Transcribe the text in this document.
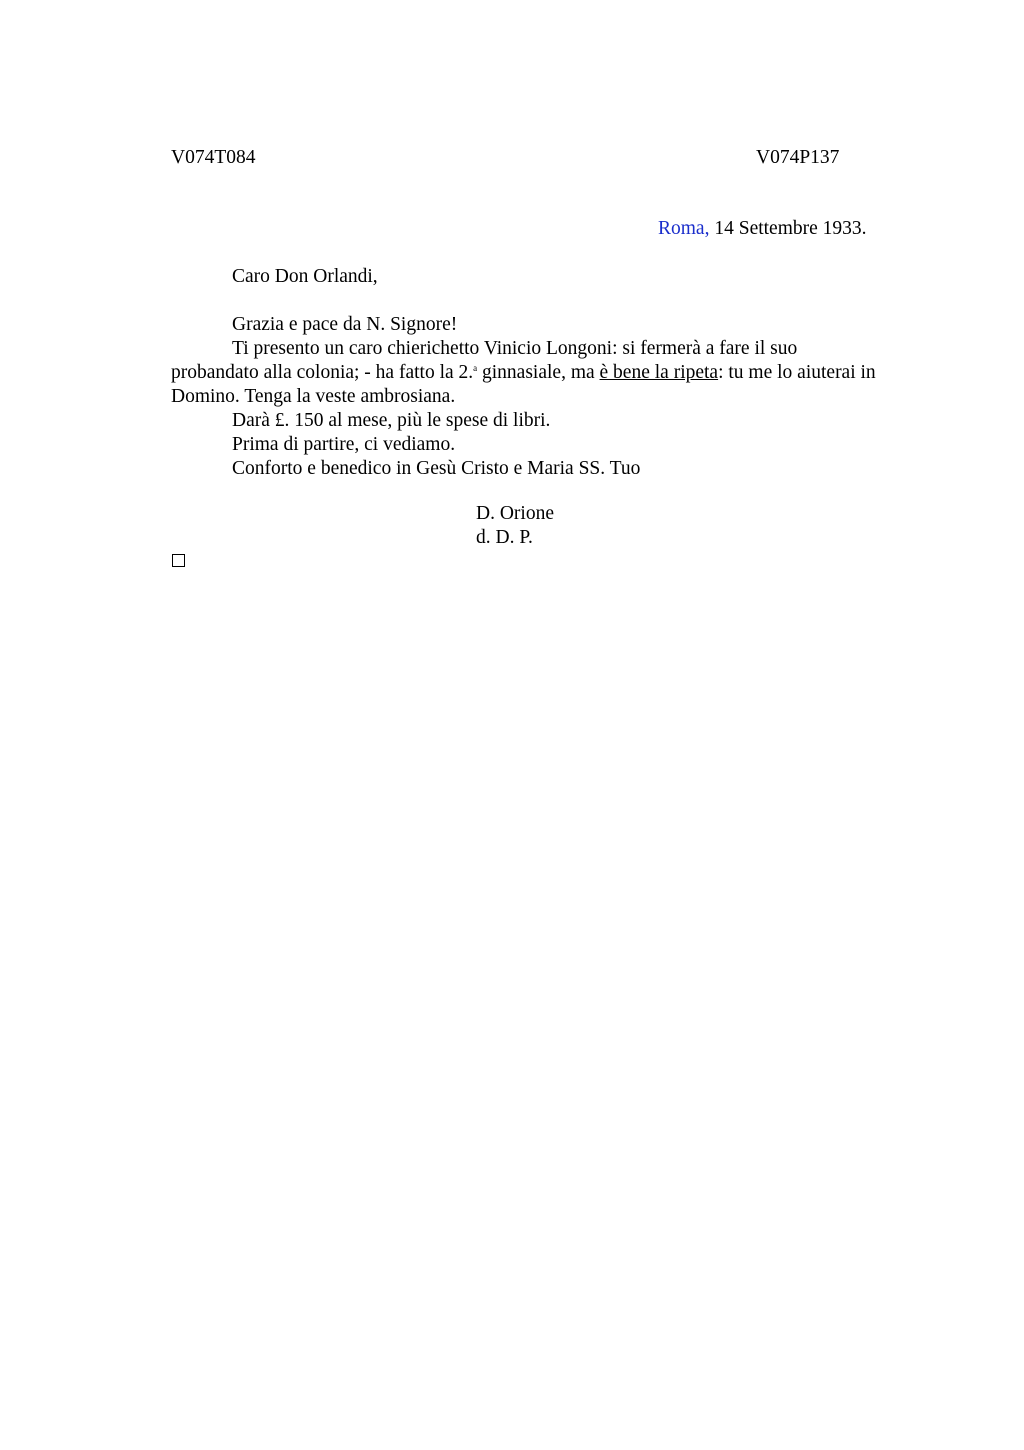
V074T084	V074P137
Roma, 14 Settembre 1933.
Caro Don Orlandi,

Grazia e pace da N. Signore!

Ti presento un caro chierichetto Vinicio Longoni: si fermerà a fare il suo

probandato alla colonia; - ha fatto la 2.$^a$ ginnasiale, ma è bene la ripeta: tu me lo aiuterai in

Domino. Tenga la veste ambrosiana.

Darà £. 150 al mese, più le spese di libri.

Prima di partire, ci vediamo.

Conforto e benedico in Gesù Cristo e Maria SS. Tuo

D. Orione
d. D. P.
